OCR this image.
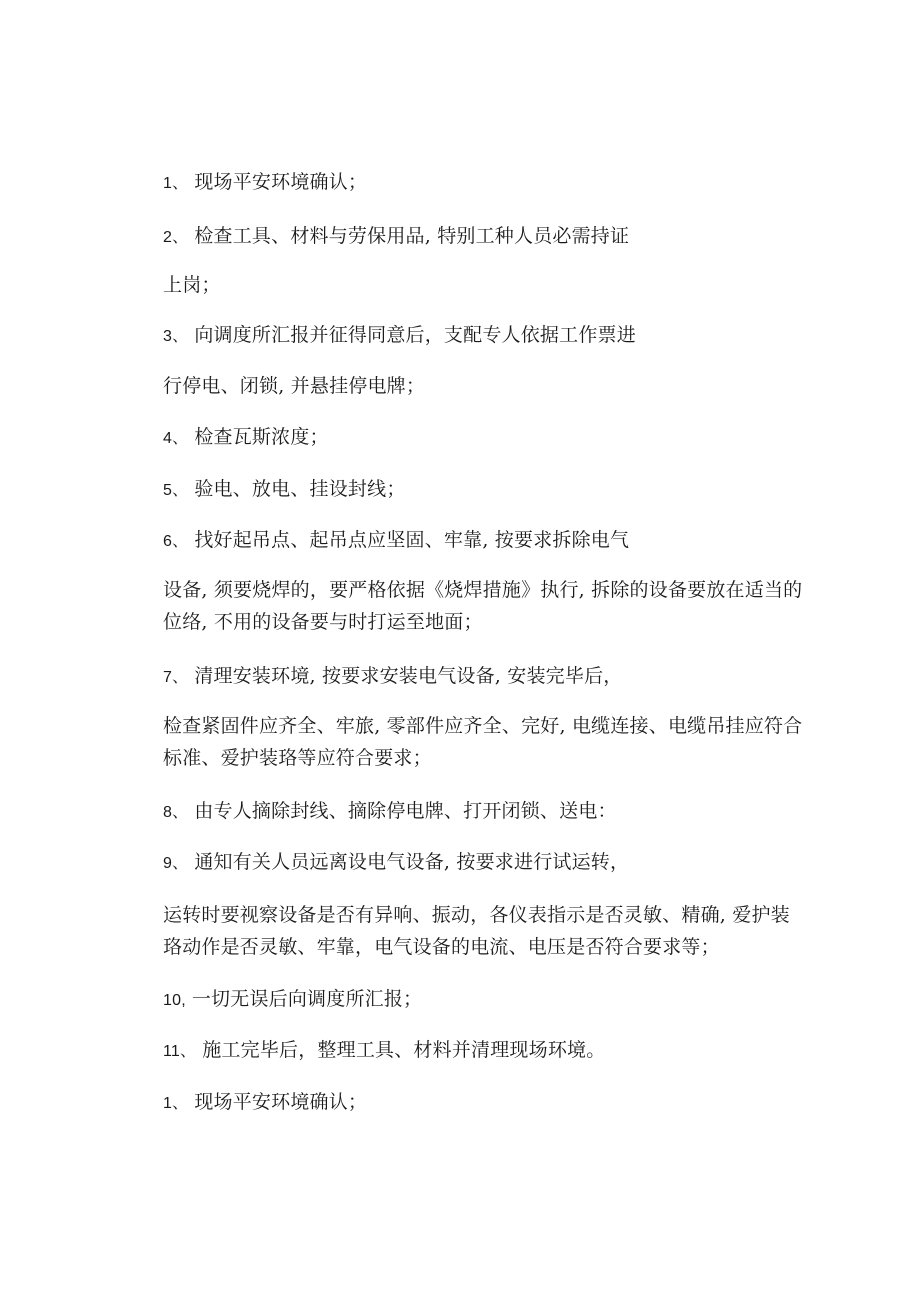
1、 现场平安环境确认；
2、 检查工具、材料与劳保用品, 特别工种人员必需持证
上岗；
3、 向调度所汇报并征得同意后，支配专人依据工作票进
行停电、闭锁, 并悬挂停电牌；
4、 检查瓦斯浓度；
5、 验电、放电、挂设封线；
6、 找好起吊点、起吊点应坚固、牢靠, 按要求拆除电气
设备, 须要烧焊的，要严格依据《烧焊措施》执行, 拆除的设备要放在适当的
位络, 不用的设备要与时打运至地面；
7、 清理安装环境, 按要求安装电气设备, 安装完毕后，
检查紧固件应齐全、牢旅, 零部件应齐全、完好, 电缆连接、电缆吊挂应符合
标准、爱护装珞等应符合要求；
8、 由专人摘除封线、摘除停电牌、打开闭锁、送电：
9、 通知有关人员远离设电气设备, 按要求进行试运转，
运转时要视察设备是否有异响、振动，各仪表指示是否灵敏、精确, 爱护装
珞动作是否灵敏、牢靠，电气设备的电流、电压是否符合要求等；
10, 一切无误后向调度所汇报；
11、 施工完毕后，整理工具、材料并清理现场环境。
1、 现场平安环境确认；
